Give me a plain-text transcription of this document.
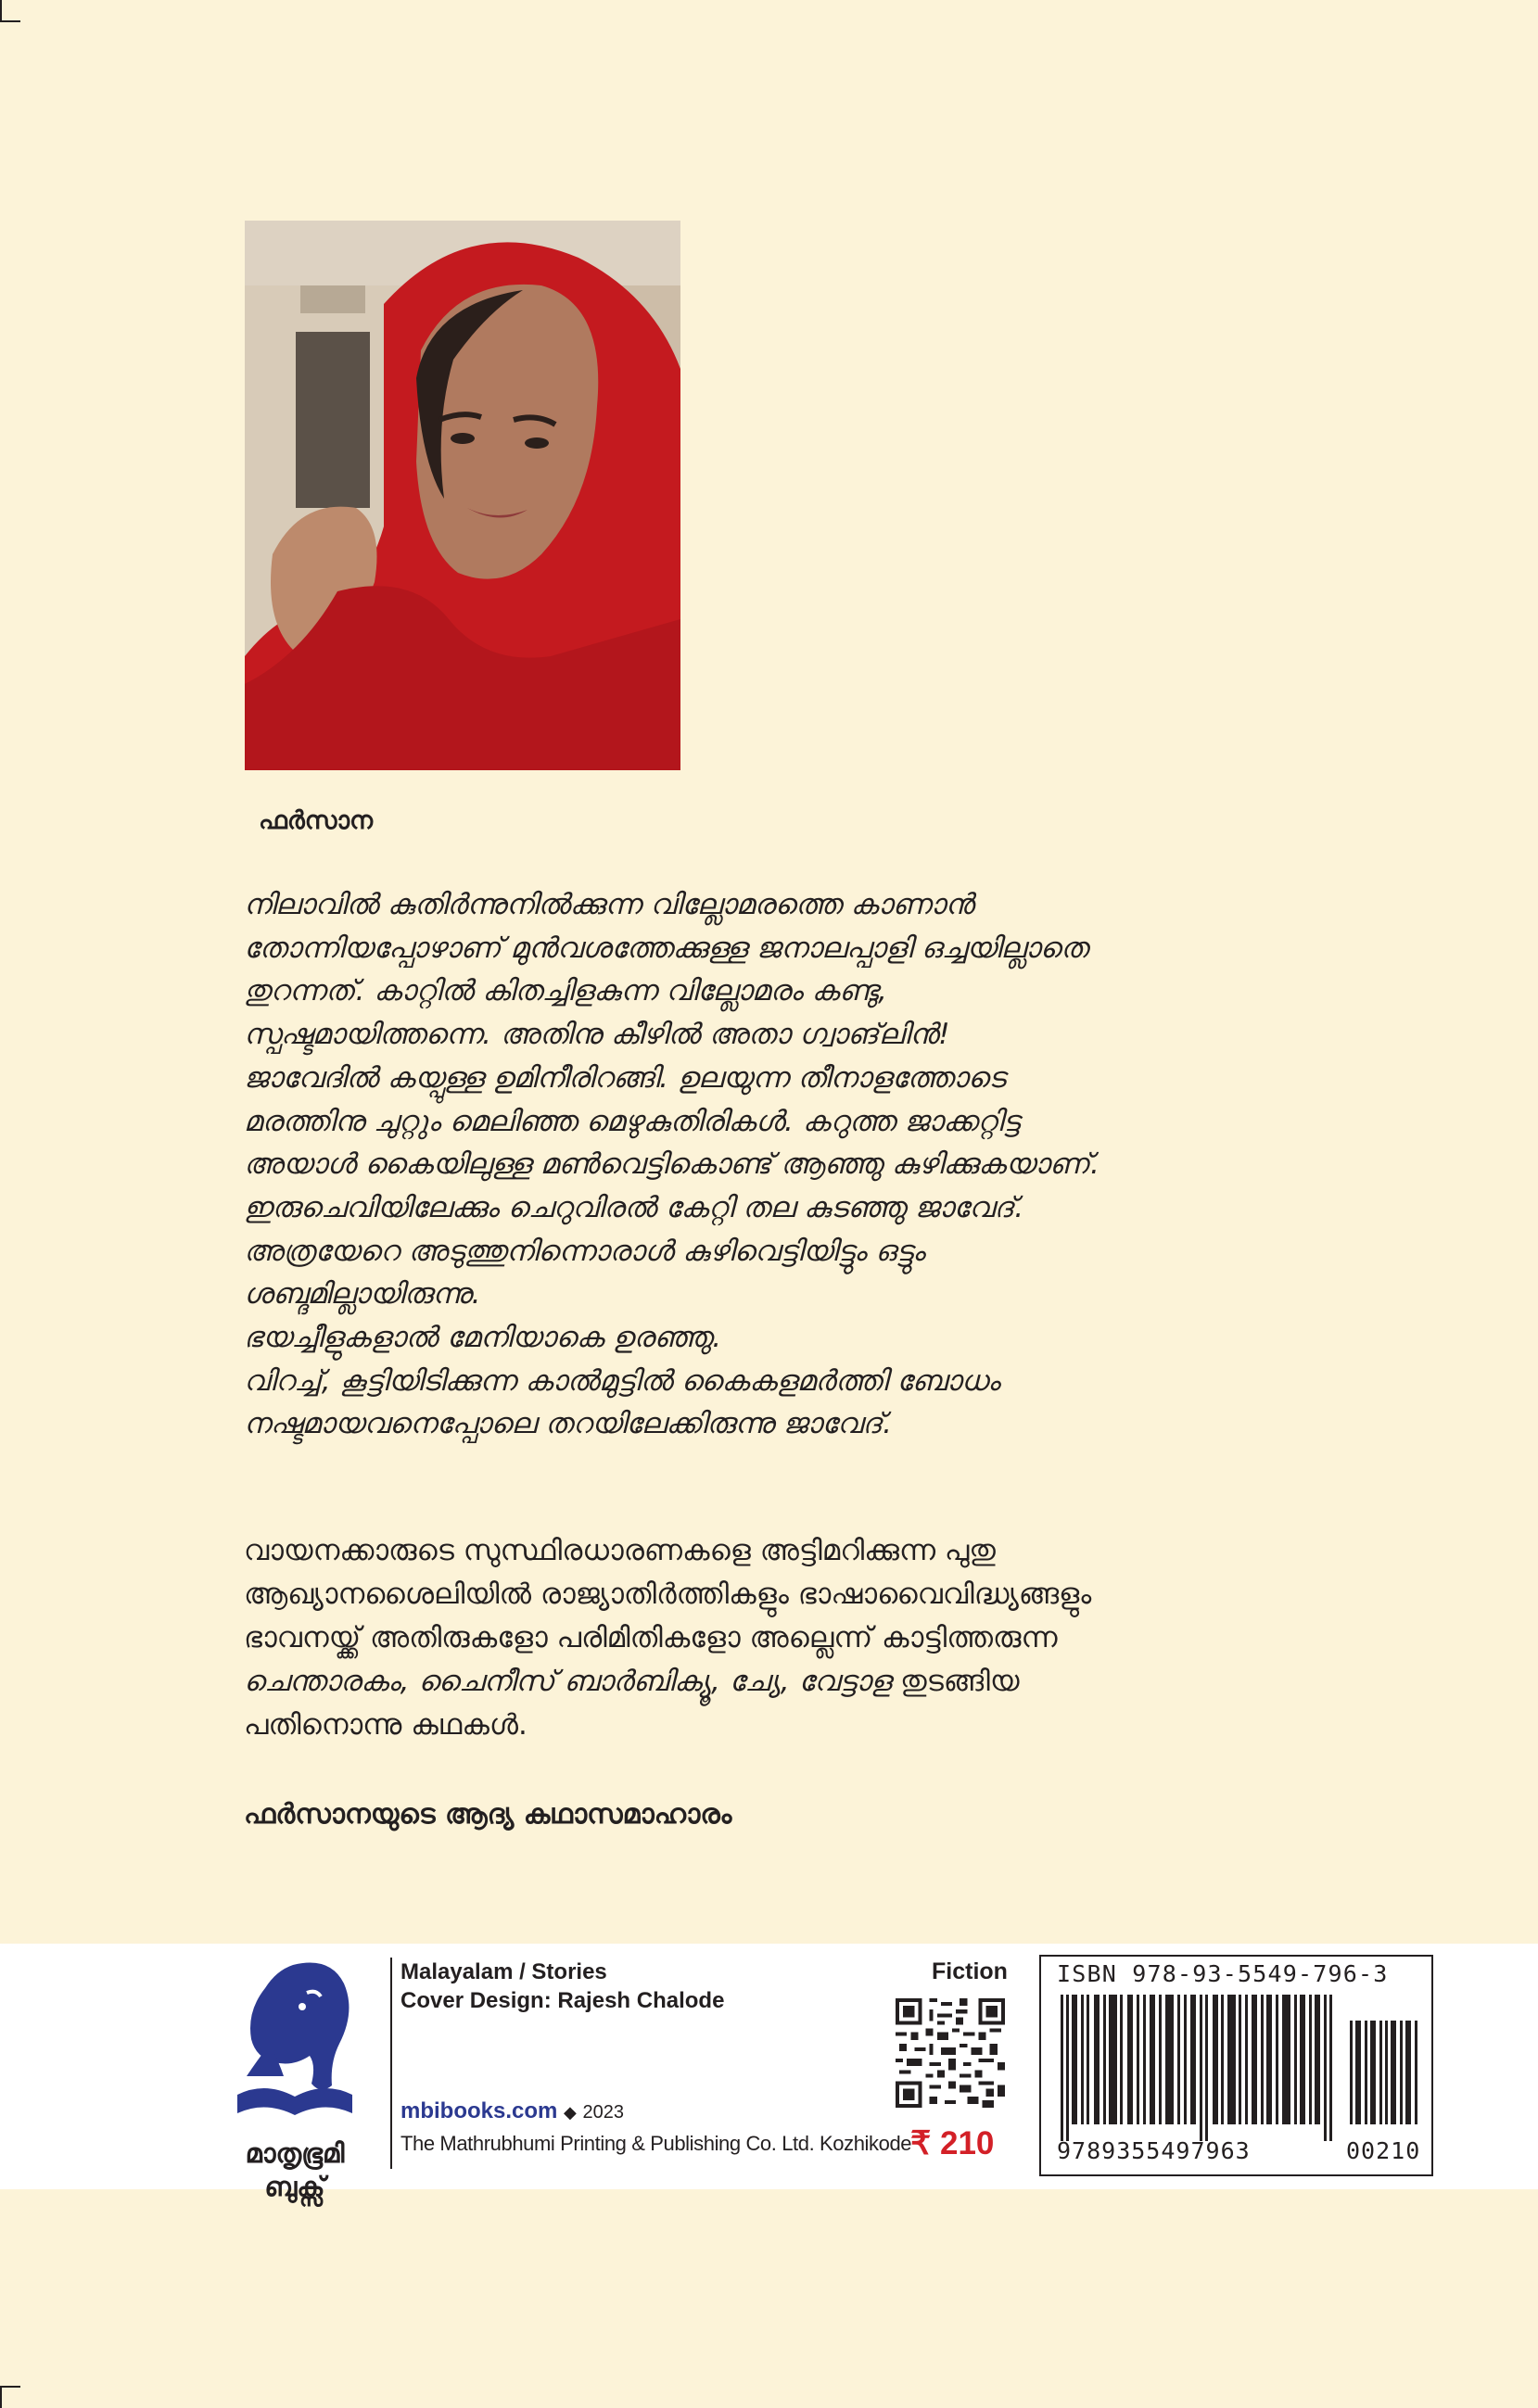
ഫർസാന
നിലാവിൽ കുതിർന്നുനിൽക്കുന്ന വില്ലോമരത്തെ കാണാൻ
തോന്നിയപ്പോഴാണ് മുൻവശത്തേക്കുള്ള ജനാലപ്പാളി ഒച്ചയില്ലാതെ
തുറന്നത്. കാറ്റിൽ കിതച്ചിളകുന്ന വില്ലോമരം കണ്ടു,
സ്പഷ്ടമായിത്തന്നെ. അതിനു കീഴിൽ അതാ ഗ്വാങ്‌ലിൻ!
ജാവേദിൽ കയ്പുള്ള ഉമിനീരിറങ്ങി. ഉലയുന്ന തീനാളത്തോടെ
മരത്തിനു ചുറ്റും മെലിഞ്ഞ മെഴുകുതിരികൾ. കറുത്ത ജാക്കറ്റിട്ട
അയാൾ കൈയിലുള്ള മൺവെട്ടികൊണ്ട് ആഞ്ഞു കുഴിക്കുകയാണ്.
ഇരുചെവിയിലേക്കും ചെറുവിരൽ കേറ്റി തല കുടഞ്ഞു ജാവേദ്.
അത്രയേറെ അടുത്തുനിന്നൊരാൾ കുഴിവെട്ടിയിട്ടും ഒട്ടും
ശബ്ദമില്ലായിരുന്നു.
ഭയച്ചീളുകളാൽ മേനിയാകെ ഉരഞ്ഞു.
വിറച്ച്, കൂട്ടിയിടിക്കുന്ന കാൽമുട്ടിൽ കൈകളമർത്തി ബോധം
നഷ്ടമായവനെപ്പോലെ തറയിലേക്കിരുന്നു ജാവേദ്.
വായനക്കാരുടെ സുസ്ഥിരധാരണകളെ അട്ടിമറിക്കുന്ന പുതു
ആഖ്യാനശൈലിയിൽ രാജ്യാതിർത്തികളും ഭാഷാവൈവിദ്ധ്യങ്ങളും
ഭാവനയ്ക്ക് അതിരുകളോ പരിമിതികളോ അല്ലെന്ന് കാട്ടിത്തരുന്ന
ചെന്താരകം, ചൈനീസ് ബാർബിക്യൂ, ച്യേ, വേട്ടാള തുടങ്ങിയ
പതിനൊന്നു കഥകൾ.
ഫർസാനയുടെ ആദ്യ കഥാസമാഹാരം
മാതൃഭൂമി
ബുക്സ്
Malayalam / Stories
Cover Design: Rajesh Chalode
mbibooks.com ◆ 2023
The Mathrubhumi Printing & Publishing Co. Ltd. Kozhikode
Fiction
₹ 210
ISBN 978-93-5549-796-3
9789355497963	00210
